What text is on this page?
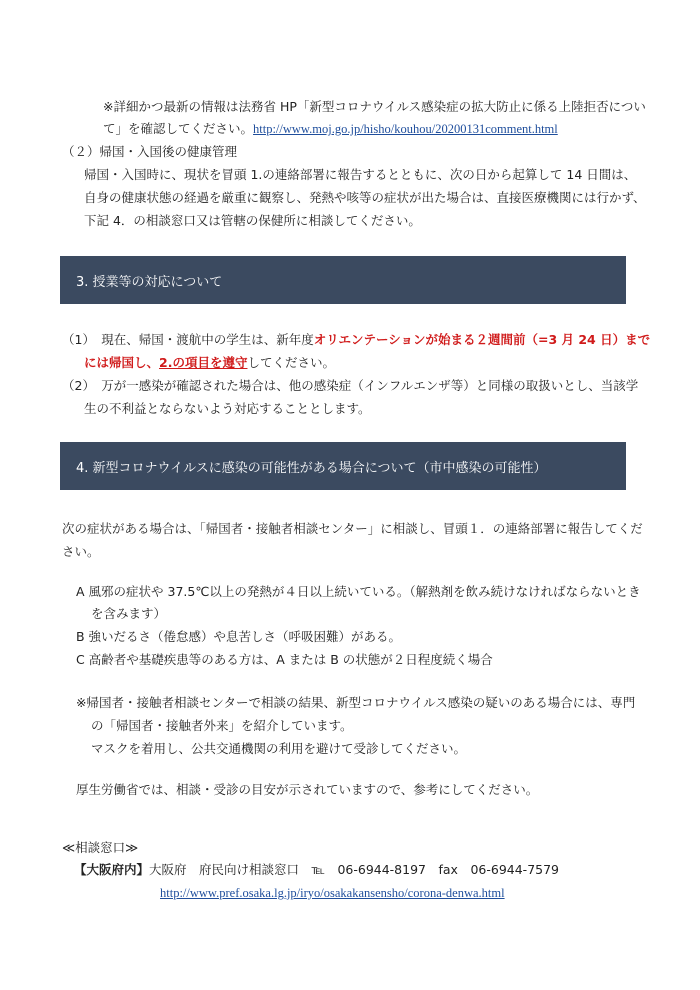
※詳細かつ最新の情報は法務省 HP「新型コロナウイルス感染症の拡大防止に係る上陸拒否につい
て」を確認してください。http://www.moj.go.jp/hisho/kouhou/20200131comment.html
（２）帰国・入国後の健康管理
帰国・入国時に、現状を冒頭 1.の連絡部署に報告するとともに、次の日から起算して 14 日間は、
自身の健康状態の経過を厳重に観察し、発熱や咳等の症状が出た場合は、直接医療機関には行かず、
下記 4．の相談窓口又は管轄の保健所に相談してください。
3. 授業等の対応について
（1）　現在、帰国・渡航中の学生は、新年度オリエンテーションが始まる２週間前（=3 月 24 日）まで
には帰国し、2.の項目を遵守してください。
（2）　万が一感染が確認された場合は、他の感染症（インフルエンザ等）と同様の取扱いとし、当該学
生の不利益とならないよう対応することとします。
4. 新型コロナウイルスに感染の可能性がある場合について（市中感染の可能性）
次の症状がある場合は、「帰国者・接触者相談センター」に相談し、冒頭１．の連絡部署に報告してくだ
さい。
A 風邪の症状や 37.5℃以上の発熱が４日以上続いている。（解熱剤を飲み続けなければならないとき
を含みます）
B 強いだるさ（倦怠感）や息苦しさ（呼吸困難）がある。
C 高齢者や基礎疾患等のある方は、A または B の状態が２日程度続く場合
※帰国者・接触者相談センターで相談の結果、新型コロナウイルス感染の疑いのある場合には、専門
の「帰国者・接触者外来」を紹介しています。
マスクを着用し、公共交通機関の利用を避けて受診してください。
厚生労働省では、相談・受診の目安が示されていますので、参考にしてください。
≪相談窓口≫
【大阪府内】大阪府　府民向け相談窓口　℡　06-6944-8197　fax　06-6944-7579
http://www.pref.osaka.lg.jp/iryo/osakakansensho/corona-denwa.html
